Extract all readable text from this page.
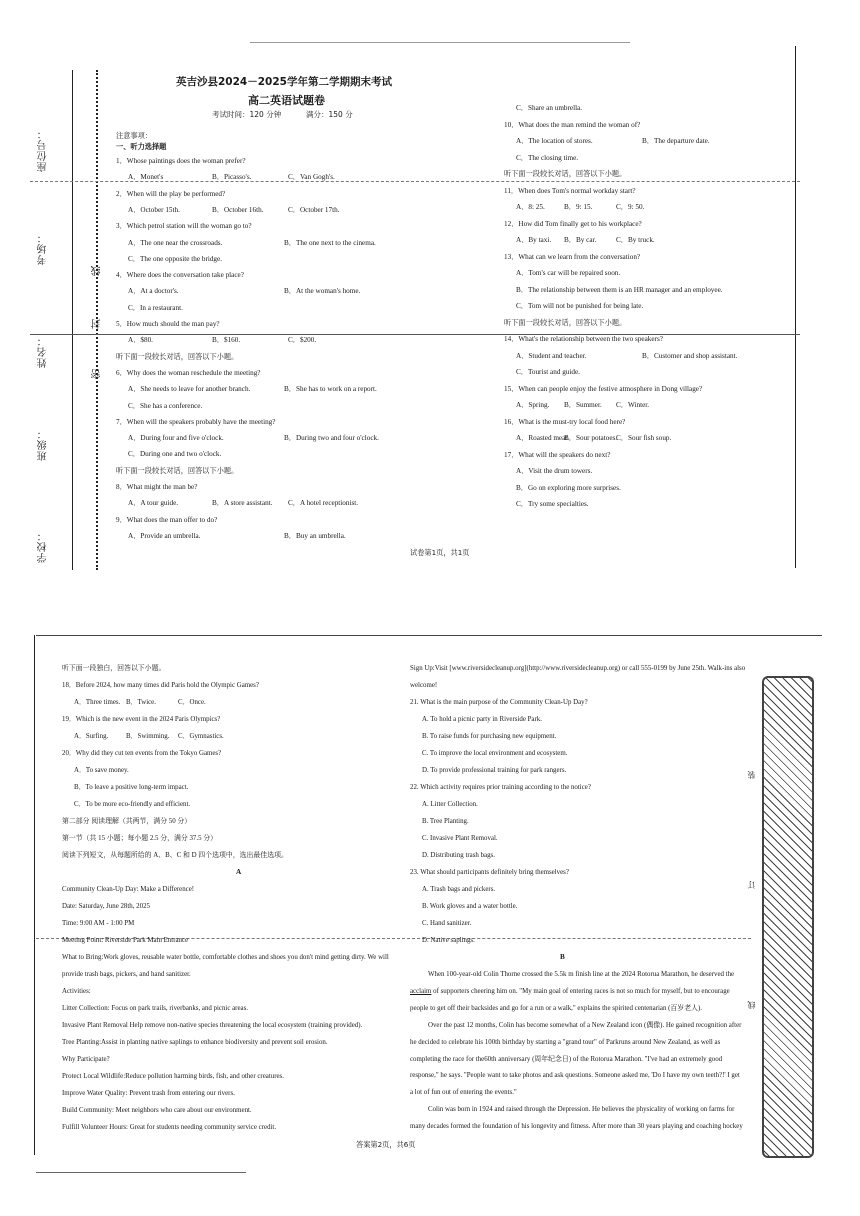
座位号：
考场：
线
封
姓名：
密
班级：
学校：
英吉沙县2024－2025学年第二学期期末考试
高二英语试题卷
考试时间：120 分钟	满分：150 分
注意事项：
一、听力选择题
1．Whose paintings does the woman prefer?
A．Monet's	B．Picasso's.	C．Van Gogh's.
2．When will the play be performed?
A．October 15th.	B．October 16th.	C．October 17th.
3．Which petrol station will the woman go to?
A．The one near the crossroads.	B．The one next to the cinema.
C．The one opposite the bridge.
4．Where does the conversation take place?
A．At a doctor's.	B．At the woman's home.
C．In a restaurant.
5．How much should the man pay?
A．$80.	B．$160.	C．$200.
听下面一段较长对话，回答以下小题。
6．Why does the woman reschedule the meeting?
A．She needs to leave for another branch.	B．She has to work on a report.
C．She has a conference.
7．When will the speakers probably have the meeting?
A．During four and five o'clock.	B．During two and four o'clock.
C．During one and two o'clock.
听下面一段较长对话，回答以下小题。
8．What might the man be?
A．A tour guide.	B．A store assistant. C．A hotel receptionist.
9．What does the man offer to do?
A．Provide an umbrella.	B．Buy an umbrella.
C．Share an umbrella.
10．What does the man remind the woman of?
A．The location of stores.	B．The departure date.
C．The closing time.
听下面一段较长对话，回答以下小题。
11．When does Tom's normal workday start?
A．8: 25.	B．9: 15.	C．9: 50.
12．How did Tom finally get to his workplace?
A．By taxi. B．By car.	C．By truck.
13．What can we learn from the conversation?
A．Tom's car will be repaired soon.
B．The relationship between them is an HR manager and an employee.
C．Tom will not be punished for being late.
听下面一段较长对话，回答以下小题。
14．What's the relationship between the two speakers?
A．Student and teacher.	B．Customer and shop assistant.
C．Tourist and guide.
15．When can people enjoy the festive atmosphere in Dong village?
A．Spring. B．Summer. C．Winter.
16．What is the must-try local food here?
A．Roasted meat.
B．Sour potatoes.
C．Sour fish soup.
17．What will the speakers do next?
A．Visit the drum towers.
B．Go on exploring more surprises.
C．Try some specialties.
试卷第1页，共1页
听下面一段独白，回答以下小题。
18．Before 2024, how many times did Paris hold the Olympic Games?
A．Three times. B．Twice.	C．Once.
19．Which is the new event in the 2024 Paris Olympics?
A．Surfing.	B．Swimming. C．Gymnastics.
20．Why did they cut ten events from the Tokyo Games?
A．To save money.
B．To leave a positive long-term impact.
C．To be more eco-friendly and efficient.
第二部分 阅读理解（共两节，满分 50 分）
第一节（共 15 小题；每小题 2.5 分，满分 37.5 分）
阅读下列短文，从每题所给的 A、B、C 和 D 四个选项中，选出最佳选项。
A
Community Clean-Up Day: Make a Difference!
Date: Saturday, June 28th, 2025
Time: 9:00 AM - 1:00 PM
Meeting Point: Riverside Park Main Entrance
What to Bring:Work gloves, reusable water bottle, comfortable clothes and shoes you don't mind getting dirty. We will
provide trash bags, pickers, and hand sanitizer.
Activities:
Litter Collection: Focus on park trails, riverbanks, and picnic areas.
Invasive Plant Removal Help remove non-native species threatening the local ecosystem (training provided).
Tree Planting:Assist in planting native saplings to enhance biodiversity and prevent soil erosion.
Why Participate?
Protect Local Wildlife:Reduce pollution harming birds, fish, and other creatures.
Improve Water Quality: Prevent trash from entering our rivers.
Build Community: Meet neighbors who care about our environment.
Fulfill Volunteer Hours: Great for students needing community service credit.
Sign Up:Visit [www.riversidecleanup.org](http://www.riversidecleanup.org) or call 555-0199 by June 25th. Walk-ins also
welcome!
21. What is the main purpose of the Community Clean-Up Day?
A. To hold a picnic party in Riverside Park.
B. To raise funds for purchasing new equipment.
C. To improve the local environment and ecosystem.
D. To provide professional training for park rangers.
22. Which activity requires prior training according to the notice?
A. Litter Collection.
B. Tree Planting.
C. Invasive Plant Removal.
D. Distributing trash bags.
23. What should participants definitely bring themselves?
A. Trash bags and pickers.
B. Work gloves and a water bottle.
C. Hand sanitizer.
D. Native saplings.
B
When 100-year-old Colin Thorne crossed the 5.5k m finish line at the 2024 Rotorua Marathon, he deserved the
acclaim of supporters cheering him on. "My main goal of entering races is not so much for myself, but to encourage
people to get off their backsides and go for a run or a walk," explains the spirited centenarian (百岁老人).
Over the past 12 months, Colin has become somewhat of a New Zealand icon (偶像). He gained recognition after
he decided to celebrate his 100th birthday by starting a "grand tour" of Parkruns around New Zealand, as well as
completing the race for the60th anniversary (周年纪念日) of the Rotorua Marathon. "I've had an extremely good
response," he says. "People want to take photos and ask questions. Someone asked me, 'Do I have my own teeth?!' I get
a lot of fun out of entering the events."
Colin was born in 1924 and raised through the Depression. He believes the physicality of working on farms for
many decades formed the foundation of his longevity and fitness. After more than 30 years playing and coaching hockey
答案第2页，共6页
装
订
线
